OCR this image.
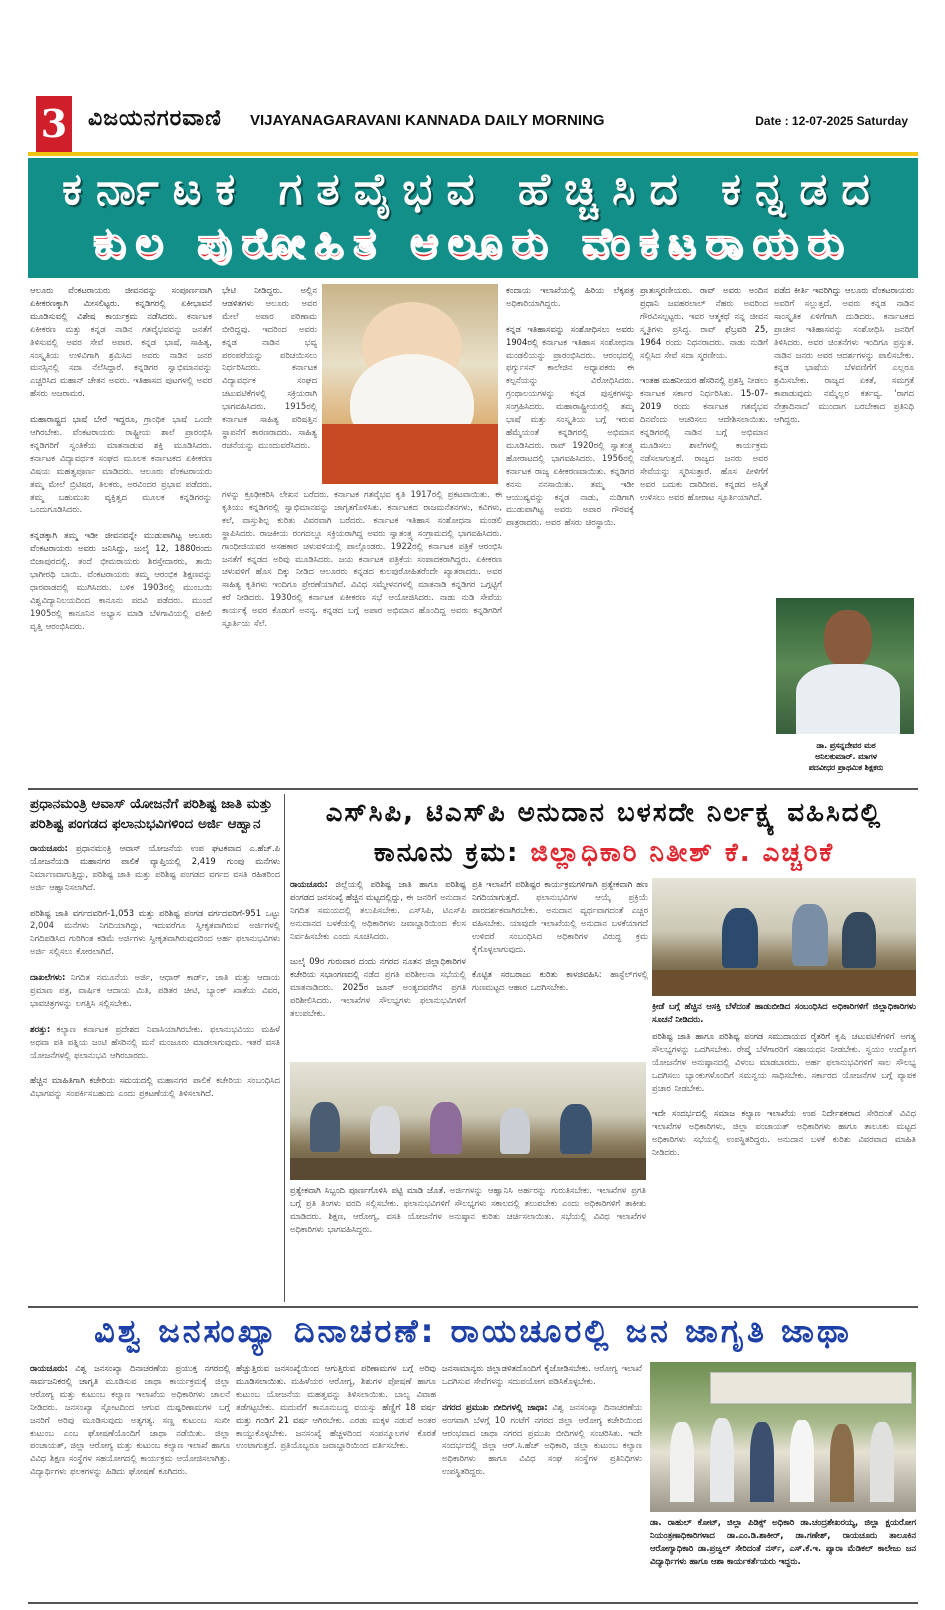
3 ವಿಜಯನಗರವಾಣಿ VIJAYANAGARAVANI KANNADA DAILY MORNING	Date : 12-07-2025 Saturday
ಕರ್ನಾಟಕ ಗತವೈಭವ ಹೆಚ್ಚಿಸಿದ ಕನ್ನಡದ
ಕುಲ ಪುರೋಹಿತ ಆಲೂರು ವೆಂಕಟರಾಯರು
ಆಲೂರು ವೆಂಕಟರಾಯರು ಜೀವನವನ್ನು ಸಂಪೂರ್ಣವಾಗಿ ಏಕೀಕರಣಕ್ಕಾಗಿ ಮೀಸಲಿಟ್ಟರು. ಕನ್ನಡಿಗರಲ್ಲಿ ಏಕೀಭಾವನೆ ಮೂಡಿಸುವಲ್ಲಿ ವಿಶೇಷ ಕಾರ್ಯಕ್ರಮ ನಡೆಸಿದರು. ಕರ್ನಾಟಕ ಏಕೀಕರಣ ಮತ್ತು ಕನ್ನಡ ನಾಡಿನ ಗತವೈಭವವನ್ನು ಜನತೆಗೆ ತಿಳಿಸುವಲ್ಲಿ ಅವರ ಸೇವೆ ಅಪಾರ. ಕನ್ನಡ ಭಾಷೆ, ಸಾಹಿತ್ಯ, ಸಂಸ್ಕೃತಿಯ ಉಳಿವಿಗಾಗಿ ಶ್ರಮಿಸಿದ ಅವರು ನಾಡಿನ ಜನರ ಮನಸ್ಸಿನಲ್ಲಿ ಸದಾ ನೆಲೆಸಿದ್ದಾರೆ. ಕನ್ನಡಿಗರ ಸ್ವಾಭಿಮಾನವನ್ನು ಎಚ್ಚರಿಸಿದ ಮಹಾನ್ ಚೇತನ ಅವರು. ಇತಿಹಾಸದ ಪುಟಗಳಲ್ಲಿ ಅವರ ಹೆಸರು ಅಜರಾಮರ.

ಮಹಾರಾಷ್ಟ್ರದ ಭಾಷೆ ಬೇರೆ ಇದ್ದರೂ, ಗ್ರಾಂಥಿಕ ಭಾಷೆ ಒಂದೇ ಆಗಿರಬೇಕು. ವೆಂಕಟರಾಯರು ರಾಷ್ಟ್ರೀಯ ಶಾಲೆ ಪ್ರಾರಂಭಿಸಿ ಕನ್ನಡಿಗರಿಗೆ ಸ್ವಂತಿಕೆಯ ಮಾತನಾಡುವ ಶಕ್ತಿ ಮೂಡಿಸಿದರು. ಕರ್ನಾಟಕ ವಿದ್ಯಾವರ್ಧಕ ಸಂಘದ ಮೂಲಕ ಕರ್ನಾಟಕದ ಏಕೀಕರಣ ವಿಷಯ ಮಹತ್ವಪೂರ್ಣ ಮಾಡಿದರು. ಆಲೂರು ವೆಂಕಟರಾಯರು ತಮ್ಮ ಮೇಲೆ ಬ್ರಿಟಿಷರ, ತಿಲಕರು, ಅರವಿಂದರ ಪ್ರಭಾವ ಪಡೆದರು. ತಮ್ಮ ಬಹುಮುಖ ವ್ಯಕ್ತಿತ್ವದ ಮೂಲಕ ಕನ್ನಡಿಗರನ್ನು ಒಂದುಗೂಡಿಸಿದರು.

ಕನ್ನಡಕ್ಕಾಗಿ ತಮ್ಮ ಇಡೀ ಜೀವನವನ್ನೇ ಮುಡುಪಾಗಿಟ್ಟ ಆಲೂರು ವೆಂಕಟರಾಯರು ಅವರು ಜನಿಸಿದ್ದು, ಜುಲೈ 12, 1880ರಂದು ಬಿಜಾಪುರದಲ್ಲಿ. ತಂದೆ ಭೀಮರಾಯರು ಶಿರಸ್ತೇದಾರರು, ತಾಯಿ ಭಾಗೀರಥಿ ಬಾಯಿ. ವೆಂಕಟರಾಯರು ತಮ್ಮ ಆರಂಭಿಕ ಶಿಕ್ಷಣವನ್ನು ಧಾರವಾಡದಲ್ಲಿ ಮುಗಿಸಿದರು. ಬಳಿಕ 1903ರಲ್ಲಿ ಮುಂಬಯಿ ವಿಶ್ವವಿದ್ಯಾನಿಲಯದಿಂದ ಕಾನೂನು ಪದವಿ ಪಡೆದರು. ಮುಂದೆ 1905ರಲ್ಲಿ ಕಾನೂನಿನ ಅಭ್ಯಾಸ ಮಾಡಿ ಬೆಳಗಾವಿಯಲ್ಲಿ ವಕೀಲಿ ವೃತ್ತಿ ಆರಂಭಿಸಿದರು.
ಭೇಟಿ ನೀಡಿದ್ದರು. ಅಲ್ಲಿನ ಆಡಳಿತಗಳು ಆಲೂರು ಅವರ ಮೇಲೆ ಅಪಾರ ಪರಿಣಾಮ ಬೀರಿದ್ದವು. ಇದರಿಂದ ಅವರು ಕನ್ನಡ ನಾಡಿನ ಭವ್ಯ ಪರಂಪರೆಯನ್ನು ಪರಿಚಯಿಸಲು ನಿರ್ಧರಿಸಿದರು. ಕರ್ನಾಟಕ ವಿದ್ಯಾವರ್ಧಕ ಸಂಘದ ಚಟುವಟಿಕೆಗಳಲ್ಲಿ ಸಕ್ರಿಯರಾಗಿ ಭಾಗವಹಿಸಿದರು. 1915ರಲ್ಲಿ ಕರ್ನಾಟಕ ಸಾಹಿತ್ಯ ಪರಿಷತ್ತಿನ ಸ್ಥಾಪನೆಗೆ ಕಾರಣರಾದರು. ಸಾಹಿತ್ಯ ರಚನೆಯನ್ನು ಮುಂದುವರೆಸಿದರು.
ಗಳನ್ನು ಕ್ರೂಢೀಕರಿಸಿ ಲೇಖನ ಬರೆದರು. ಕರ್ನಾಟಕ ಗತವೈಭವ ಕೃತಿ 1917ರಲ್ಲಿ ಪ್ರಕಟವಾಯಿತು. ಈ ಕೃತಿಯು ಕನ್ನಡಿಗರಲ್ಲಿ ಸ್ವಾಭಿಮಾನವನ್ನು ಜಾಗೃತಗೊಳಿಸಿತು. ಕರ್ನಾಟಕದ ರಾಜಮನೆತನಗಳು, ಕವಿಗಳು, ಕಲೆ, ವಾಸ್ತುಶಿಲ್ಪ ಕುರಿತು ವಿವರವಾಗಿ ಬರೆದರು. ಕರ್ನಾಟಕ ಇತಿಹಾಸ ಸಂಶೋಧನಾ ಮಂಡಲಿ ಸ್ಥಾಪಿಸಿದರು. ರಾಜಕೀಯ ರಂಗದಲ್ಲೂ ಸಕ್ರಿಯರಾಗಿದ್ದ ಅವರು ಸ್ವಾತಂತ್ರ್ಯ ಸಂಗ್ರಾಮದಲ್ಲಿ ಭಾಗವಹಿಸಿದರು. ಗಾಂಧೀಜಿಯವರ ಅಸಹಕಾರ ಚಳುವಳಿಯಲ್ಲಿ ಪಾಲ್ಗೊಂಡರು. 1922ರಲ್ಲಿ ಕರ್ನಾಟಕ ಪತ್ರಿಕೆ ಆರಂಭಿಸಿ ಜನತೆಗೆ ಕನ್ನಡದ ಅರಿವು ಮೂಡಿಸಿದರು. ಜಯ ಕರ್ನಾಟಕ ಪತ್ರಿಕೆಯ ಸಂಪಾದಕರಾಗಿದ್ದರು. ಏಕೀಕರಣ ಚಳುವಳಿಗೆ ಹೊಸ ದಿಕ್ಕು ನೀಡಿದ ಆಲೂರರು ಕನ್ನಡದ ಕುಲಪುರೋಹಿತರೆಂದೇ ಖ್ಯಾತರಾದರು. ಅವರ ಸಾಹಿತ್ಯ ಕೃತಿಗಳು ಇಂದಿಗೂ ಪ್ರೇರಣೆಯಾಗಿವೆ. ವಿವಿಧ ಸಮ್ಮೇಳನಗಳಲ್ಲಿ ಮಾತನಾಡಿ ಕನ್ನಡಿಗರ ಒಗ್ಗಟ್ಟಿಗೆ ಕರೆ ನೀಡಿದರು. 1930ರಲ್ಲಿ ಕರ್ನಾಟಕ ಏಕೀಕರಣ ಸಭೆ ಆಯೋಜಿಸಿದರು. ನಾಡು ನುಡಿ ಸೇವೆಯ ಕಾರ್ಯಕ್ಕೆ ಅವರ ಕೊಡುಗೆ ಅನನ್ಯ. ಕನ್ನಡದ ಬಗ್ಗೆ ಅಪಾರ ಅಭಿಮಾನ ಹೊಂದಿದ್ದ ಅವರು ಕನ್ನಡಿಗರಿಗೆ ಸ್ಫೂರ್ತಿಯ ಸೆಲೆ.
ಕಂದಾಯ ಇಲಾಖೆಯಲ್ಲಿ ಹಿರಿಯ ಲೆಕ್ಕಪತ್ರ ಅಧಿಕಾರಿಯಾಗಿದ್ದರು.

ಕನ್ನಡ ಇತಿಹಾಸವನ್ನು ಸಂಶೋಧಿಸಲು ಅವರು 1904ರಲ್ಲಿ ಕರ್ನಾಟಕ ಇತಿಹಾಸ ಸಂಶೋಧನಾ ಮಂಡಲಿಯನ್ನು ಪ್ರಾರಂಭಿಸಿದರು. ಆರಂಭದಲ್ಲಿ ಫರ್ಗ್ಯುಸನ್ ಕಾಲೇಜಿನ ಅಧ್ಯಾಪಕರು ಈ ಕಲ್ಪನೆಯನ್ನು ವಿರೋಧಿಸಿದರು. ಗ್ರಂಥಾಲಯಗಳನ್ನು ಕನ್ನಡ ಪುಸ್ತಕಗಳನ್ನು ಸಂಗ್ರಹಿಸಿದರು. ಮಹಾರಾಷ್ಟ್ರೀಯರಲ್ಲಿ ತಮ್ಮ ಭಾಷೆ ಮತ್ತು ಸಂಸ್ಕೃತಿಯ ಬಗ್ಗೆ ಇರುವ ಹೆಮ್ಮೆಯಂತೆ ಕನ್ನಡಿಗರಲ್ಲಿ ಅಭಿಮಾನ ಮೂಡಿಸಿದರು. ರಾವ್ 1920ರಲ್ಲಿ ಸ್ವಾತಂತ್ರ್ಯ ಹೋರಾಟದಲ್ಲಿ ಭಾಗವಹಿಸಿದರು. 1956ರಲ್ಲಿ ಕರ್ನಾಟಕ ರಾಜ್ಯ ಏಕೀಕರಣವಾಯಿತು. ಕನ್ನಡಿಗರ ಕನಸು ನನಸಾಯಿತು. ತಮ್ಮ ಇಡೀ ಆಯುಷ್ಯವನ್ನು ಕನ್ನಡ ನಾಡು, ನುಡಿಗಾಗಿ ಮುಡುಪಾಗಿಟ್ಟ ಅವರು ಅಪಾರ ಗೌರವಕ್ಕೆ ಪಾತ್ರರಾದರು. ಅವರ ಹೆಸರು ಚಿರಸ್ಥಾಯಿ.
ಪ್ರಾತಃಸ್ಮರಣೀಯರು. ರಾವ್ ಅವರು ಅಂದಿನ ಪ್ರಧಾನಿ ಜವಹರಲಾಲ್ ನೆಹರು ಅವರಿಂದ ಗೌರವಿಸಲ್ಪಟ್ಟರು. ಇವರ ಆತ್ಮಕಥೆ ನನ್ನ ಜೀವನ ಸ್ಮೃತಿಗಳು ಪ್ರಸಿದ್ಧ. ರಾವ್ ಫೆಬ್ರವರಿ 25, 1964 ರಂದು ನಿಧನರಾದರು. ನಾಡು ನುಡಿಗೆ ಸಲ್ಲಿಸಿದ ಸೇವೆ ಸದಾ ಸ್ಮರಣೀಯ.

ಇಂತಹ ಮಹನೀಯರ ಹೆಸರಿನಲ್ಲಿ ಪ್ರಶಸ್ತಿ ನೀಡಲು ಕರ್ನಾಟಕ ಸರ್ಕಾರ ನಿರ್ಧರಿಸಿತು. 15-07-2019 ರಂದು ಕರ್ನಾಟಕ ಗತವೈಭವ ದಿನವೆಂದು ಆಚರಿಸಲು ಆದೇಶಿಸಲಾಯಿತು. ಕನ್ನಡಿಗರಲ್ಲಿ ನಾಡಿನ ಬಗ್ಗೆ ಅಭಿಮಾನ ಮೂಡಿಸಲು ಶಾಲೆಗಳಲ್ಲಿ ಕಾರ್ಯಕ್ರಮ ನಡೆಸಲಾಗುತ್ತದೆ. ರಾಜ್ಯದ ಜನರು ಅವರ ಸೇವೆಯನ್ನು ಸ್ಮರಿಸುತ್ತಾರೆ. ಹೊಸ ಪೀಳಿಗೆಗೆ ಅವರ ಬದುಕು ದಾರಿದೀಪ. ಕನ್ನಡದ ಅಸ್ಮಿತೆ ಉಳಿಸಲು ಅವರ ಹೋರಾಟ ಸ್ಫೂರ್ತಿಯಾಗಿದೆ.
ಪಡೆದ ಕೀರ್ತಿ ಇವರಿಗಿದ್ದು ಆಲೂರು ವೆಂಕಟರಾಯರು ಅವರಿಗೆ ಸಲ್ಲುತ್ತದೆ. ಅವರು ಕನ್ನಡ ನಾಡಿನ ಸಾಂಸ್ಕೃತಿಕ ಏಳಿಗೆಗಾಗಿ ದುಡಿದರು. ಕರ್ನಾಟಕದ ಪ್ರಾಚೀನ ಇತಿಹಾಸವನ್ನು ಸಂಶೋಧಿಸಿ ಜನರಿಗೆ ತಿಳಿಸಿದರು. ಅವರ ಚಿಂತನೆಗಳು ಇಂದಿಗೂ ಪ್ರಸ್ತುತ. ನಾಡಿನ ಜನರು ಅವರ ಆದರ್ಶಗಳನ್ನು ಪಾಲಿಸಬೇಕು. ಕನ್ನಡ ಭಾಷೆಯ ಬೆಳವಣಿಗೆಗೆ ಎಲ್ಲರೂ ಶ್ರಮಿಸಬೇಕು. ರಾಜ್ಯದ ಏಕತೆ, ಸಮಗ್ರತೆ ಕಾಪಾಡುವುದು ನಮ್ಮೆಲ್ಲರ ಕರ್ತವ್ಯ. 'ರಾಗದ ನೇತ್ರಾದಿನಾದ' ಮುಂದಾಗ ಬರಬೇಕಾದ ಪ್ರತಿನಿಧಿ ಆಗಿದ್ದರು.
ಡಾ. ಪ್ರಸನ್ನದೇವರ ಮಠ
ಅನಿಲಕುಮಾರ್. ಮಾಗಳ
ಪದವೀಧರ ಪ್ರಾಥಮಿಕ ಶಿಕ್ಷಕರು
ಪ್ರಧಾನಮಂತ್ರಿ ಆವಾಸ್ ಯೋಜನೆಗೆ ಪರಿಶಿಷ್ಟ ಜಾತಿ ಮತ್ತು ಪರಿಶಿಷ್ಟ ಪಂಗಡದ ಫಲಾನುಭವಿಗಳಿಂದ ಅರ್ಜಿ ಆಹ್ವಾನ
ರಾಯಚೂರು: ಪ್ರಧಾನಮಂತ್ರಿ ಆವಾಸ್ ಯೋಜನೆಯ ಉಪ ಘಟಕವಾದ ಎ.ಹೆಚ್.ಪಿ ಯೋಜನೆಯಡಿ ಮಹಾನಗರ ಪಾಲಿಕೆ ವ್ಯಾಪ್ತಿಯಲ್ಲಿ 2,419 ಗುಂಪು ಮನೆಗಳು ನಿರ್ಮಾಣವಾಗುತ್ತಿದ್ದು, ಪರಿಶಿಷ್ಟ ಜಾತಿ ಮತ್ತು ಪರಿಶಿಷ್ಟ ಪಂಗಡದ ವರ್ಗದ ವಸತಿ ರಹಿತರಿಂದ ಅರ್ಜಿ ಆಹ್ವಾನಿಸಲಾಗಿದೆ.

ಪರಿಶಿಷ್ಟ ಜಾತಿ ವರ್ಗದವರಿಗೆ-1,053 ಮತ್ತು ಪರಿಶಿಷ್ಟ ಪಂಗಡ ವರ್ಗದವರಿಗೆ-951 ಒಟ್ಟು 2,004 ಮನೆಗಳು ನಿಗದಿಯಾಗಿದ್ದು, ಇದುವರೆಗೂ ಸ್ವೀಕೃತವಾಗಿರುವ ಅರ್ಜಿಗಳಲ್ಲಿ ನಿಗದಿಪಡಿಸಿದ ಗುರಿಗಿಂತ ಕಡಿಮೆ ಅರ್ಜಿಗಳು ಸ್ವೀಕೃತವಾಗಿರುವುದರಿಂದ ಅರ್ಹ ಫಲಾನುಭವಿಗಳು ಅರ್ಜಿ ಸಲ್ಲಿಸಲು ಕೋರಲಾಗಿದೆ.

ದಾಖಲೆಗಳು: ನಿಗದಿತ ನಮೂನೆಯ ಅರ್ಜಿ, ಆಧಾರ್ ಕಾರ್ಡ್, ಜಾತಿ ಮತ್ತು ಆದಾಯ ಪ್ರಮಾಣ ಪತ್ರ, ವಾರ್ಷಿಕ ಆದಾಯ ಮಿತಿ, ಪಡಿತರ ಚೀಟಿ, ಬ್ಯಾಂಕ್ ಖಾತೆಯ ವಿವರ, ಭಾವಚಿತ್ರಗಳನ್ನು ಲಗತ್ತಿಸಿ ಸಲ್ಲಿಸಬೇಕು.

ಶರತ್ತು: ಕಲ್ಯಾಣ ಕರ್ನಾಟಕ ಪ್ರದೇಶದ ನಿವಾಸಿಯಾಗಿರಬೇಕು. ಫಲಾನುಭವಿಯು ಮಹಿಳೆ ಅಥವಾ ಪತಿ ಪತ್ನಿಯ ಜಂಟಿ ಹೆಸರಿನಲ್ಲಿ ಮನೆ ಮಂಜೂರು ಮಾಡಲಾಗುವುದು. ಇತರೆ ವಸತಿ ಯೋಜನೆಗಳಲ್ಲಿ ಫಲಾನುಭವಿ ಆಗಿರಬಾರದು.

ಹೆಚ್ಚಿನ ಮಾಹಿತಿಗಾಗಿ ಕಚೇರಿಯ ಸಮಯದಲ್ಲಿ ಮಹಾನಗರ ಪಾಲಿಕೆ ಕಚೇರಿಯ ಸಂಬಂಧಿಸಿದ ವಿಭಾಗವನ್ನು ಸಂಪರ್ಕಿಸಬಹುದು ಎಂದು ಪ್ರಕಟಣೆಯಲ್ಲಿ ತಿಳಿಸಲಾಗಿದೆ.
ಎಸ್‌ಸಿಪಿ, ಟಿಎಸ್‌ಪಿ ಅನುದಾನ ಬಳಸದೇ ನಿರ್ಲಕ್ಷ್ಯ ವಹಿಸಿದಲ್ಲಿ
ಕಾನೂನು ಕ್ರಮ: ಜಿಲ್ಲಾಧಿಕಾರಿ ನಿತೀಶ್ ಕೆ. ಎಚ್ಚರಿಕೆ
ರಾಯಚೂರು: ಜಿಲ್ಲೆಯಲ್ಲಿ ಪರಿಶಿಷ್ಟ ಜಾತಿ ಹಾಗೂ ಪರಿಶಿಷ್ಟ ಪಂಗಡದ ಜನಸಂಖ್ಯೆ ಹೆಚ್ಚಿನ ಮಟ್ಟದಲ್ಲಿದ್ದು, ಈ ಜನರಿಗೆ ಅನುದಾನ ನಿಗದಿತ ಸಮಯದಲ್ಲಿ ತಲುಪಿಸಬೇಕು. ಎಸ್‌ಸಿಪಿ, ಟಿಎಸ್‌ಪಿ ಅನುದಾನದ ಬಳಕೆಯಲ್ಲಿ ಅಧಿಕಾರಿಗಳು ಜವಾಬ್ದಾರಿಯಿಂದ ಕೆಲಸ ನಿರ್ವಹಿಸಬೇಕು ಎಂದು ಸೂಚಿಸಿದರು.

ಜುಲೈ 09ರ ಗುರುವಾರ ದಂದು ನಗರದ ನೂತನ ಜಿಲ್ಲಾಧಿಕಾರಿಗಳ ಕಚೇರಿಯ ಸಭಾಂಗಣದಲ್ಲಿ ನಡೆದ ಪ್ರಗತಿ ಪರಿಶೀಲನಾ ಸಭೆಯಲ್ಲಿ ಮಾತನಾಡಿದರು. 2025ರ ಜೂನ್ ಅಂತ್ಯದವರೆಗಿನ ಪ್ರಗತಿ ಪರಿಶೀಲಿಸಿದರು. ಇಲಾಖೆಗಳ ಸೌಲಭ್ಯಗಳು ಫಲಾನುಭವಿಗಳಿಗೆ ತಲುಪಬೇಕು.
ಪ್ರತಿ ಇಲಾಖೆಗೆ ಪರಿಶಿಷ್ಟರ ಕಾರ್ಯಕ್ರಮಗಳಿಗಾಗಿ ಪ್ರತ್ಯೇಕವಾಗಿ ಹಣ ನಿಗದಿಯಾಗುತ್ತದೆ. ಫಲಾನುಭವಿಗಳ ಆಯ್ಕೆ ಪ್ರಕ್ರಿಯೆ ಪಾರದರ್ಶಕವಾಗಿರಬೇಕು. ಅನುದಾನ ವ್ಯರ್ಥವಾಗದಂತೆ ಎಚ್ಚರ ವಹಿಸಬೇಕು. ಯಾವುದೇ ಇಲಾಖೆಯಲ್ಲಿ ಅನುದಾನ ಬಳಕೆಯಾಗದೆ ಉಳಿದರೆ ಸಂಬಂಧಿಸಿದ ಅಧಿಕಾರಿಗಳ ವಿರುದ್ಧ ಕ್ರಮ ಕೈಗೊಳ್ಳಲಾಗುವುದು.

ಕೊಟ್ಟಿತ ಸರಬರಾಜು ಕುರಿತು ಕಾಳಜಿವಹಿಸಿ: ಹಾಸ್ಟೆಲ್‌ಗಳಲ್ಲಿ ಗುಣಮಟ್ಟದ ಆಹಾರ ಒದಗಿಸಬೇಕು.
ಕ್ರೀಡೆ ಬಗ್ಗೆ ಹೆಚ್ಚಿನ ಆಸಕ್ತಿ ಬೆಳೆದಂತೆ ಹಾಡುಬೀಡಿದ ಸಂಬಂಧಿಸಿದ ಅಧಿಕಾರಿಗಳಿಗೆ ಜಿಲ್ಲಾಧಿಕಾರಿಗಳು ಸೂಚನೆ ನೀಡಿದರು.
ಪ್ರತ್ಯೇಕವಾಗಿ ಸಿಬ್ಬಂದಿ ಪೂರ್ಣಗೊಳಿಸಿ ಪಟ್ಟಿ ಮಾಡಿ ಜೊತೆ. ಅರ್ಜಿಗಳನ್ನು ಆಹ್ವಾನಿಸಿ ಅರ್ಹರನ್ನು ಗುರುತಿಸಬೇಕು. ಇಲಾಖೆಗಳ ಪ್ರಗತಿ ಬಗ್ಗೆ ಪ್ರತಿ ತಿಂಗಳು ವರದಿ ಸಲ್ಲಿಸಬೇಕು. ಫಲಾನುಭವಿಗಳಿಗೆ ಸೌಲಭ್ಯಗಳು ಸಕಾಲದಲ್ಲಿ ತಲುಪಬೇಕು ಎಂದು ಅಧಿಕಾರಿಗಳಿಗೆ ತಾಕೀತು ಮಾಡಿದರು. ಶಿಕ್ಷಣ, ಆರೋಗ್ಯ, ವಸತಿ ಯೋಜನೆಗಳ ಅನುಷ್ಠಾನ ಕುರಿತು ಚರ್ಚಿಸಲಾಯಿತು. ಸಭೆಯಲ್ಲಿ ವಿವಿಧ ಇಲಾಖೆಗಳ ಅಧಿಕಾರಿಗಳು ಭಾಗವಹಿಸಿದ್ದರು.
ಪರಿಶಿಷ್ಟ ಜಾತಿ ಹಾಗೂ ಪರಿಶಿಷ್ಟ ಪಂಗಡ ಸಮುದಾಯದ ರೈತರಿಗೆ ಕೃಷಿ ಚಟುವಟಿಕೆಗಳಿಗೆ ಅಗತ್ಯ ಸೌಲಭ್ಯಗಳನ್ನು ಒದಗಿಸಬೇಕು. ರೇಷ್ಮೆ ಬೆಳೆಗಾರರಿಗೆ ಸಹಾಯಧನ ನೀಡಬೇಕು. ಸ್ವಯಂ ಉದ್ಯೋಗ ಯೋಜನೆಗಳ ಅನುಷ್ಠಾನದಲ್ಲಿ ವಿಳಂಬ ಮಾಡಬಾರದು. ಅರ್ಹ ಫಲಾನುಭವಿಗಳಿಗೆ ಸಾಲ ಸೌಲಭ್ಯ ಒದಗಿಸಲು ಬ್ಯಾಂಕುಗಳೊಂದಿಗೆ ಸಮನ್ವಯ ಸಾಧಿಸಬೇಕು. ಸರ್ಕಾರದ ಯೋಜನೆಗಳ ಬಗ್ಗೆ ವ್ಯಾಪಕ ಪ್ರಚಾರ ನೀಡಬೇಕು.

ಇದೇ ಸಂದರ್ಭದಲ್ಲಿ ಸಮಾಜ ಕಲ್ಯಾಣ ಇಲಾಖೆಯ ಉಪ ನಿರ್ದೇಶಕರಾದ ಸೇರಿದಂತೆ ವಿವಿಧ ಇಲಾಖೆಗಳ ಅಧಿಕಾರಿಗಳು, ಜಿಲ್ಲಾ ಪಂಚಾಯತ್ ಅಧಿಕಾರಿಗಳು ಹಾಗೂ ತಾಲೂಕು ಮಟ್ಟದ ಅಧಿಕಾರಿಗಳು ಸಭೆಯಲ್ಲಿ ಉಪಸ್ಥಿತರಿದ್ದರು. ಅನುದಾನ ಬಳಕೆ ಕುರಿತು ವಿವರವಾದ ಮಾಹಿತಿ ನೀಡಿದರು.
ವಿಶ್ವ ಜನಸಂಖ್ಯಾ ದಿನಾಚರಣೆ: ರಾಯಚೂರಲ್ಲಿ ಜನ ಜಾಗೃತಿ ಜಾಥಾ
ರಾಯಚೂರು: ವಿಶ್ವ ಜನಸಂಖ್ಯಾ ದಿನಾಚರಣೆಯ ಪ್ರಯುಕ್ತ ನಗರದಲ್ಲಿ ಸಾರ್ವಜನಿಕರಲ್ಲಿ ಜಾಗೃತಿ ಮೂಡಿಸುವ ಜಾಥಾ ಕಾರ್ಯಕ್ರಮಕ್ಕೆ ಜಿಲ್ಲಾ ಆರೋಗ್ಯ ಮತ್ತು ಕುಟುಂಬ ಕಲ್ಯಾಣ ಇಲಾಖೆಯ ಅಧಿಕಾರಿಗಳು ಚಾಲನೆ ನೀಡಿದರು. ಜನಸಂಖ್ಯಾ ಸ್ಫೋಟದಿಂದ ಆಗುವ ದುಷ್ಪರಿಣಾಮಗಳ ಬಗ್ಗೆ ಜನರಿಗೆ ಅರಿವು ಮೂಡಿಸುವುದು ಅತ್ಯಗತ್ಯ. ಸಣ್ಣ ಕುಟುಂಬ ಸುಖೀ ಕುಟುಂಬ ಎಂಬ ಘೋಷಣೆಯೊಂದಿಗೆ ಜಾಥಾ ನಡೆಯಿತು. ಜಿಲ್ಲಾ ಪಂಚಾಯತ್, ಜಿಲ್ಲಾ ಆರೋಗ್ಯ ಮತ್ತು ಕುಟುಂಬ ಕಲ್ಯಾಣ ಇಲಾಖೆ ಹಾಗೂ ವಿವಿಧ ಶಿಕ್ಷಣ ಸಂಸ್ಥೆಗಳ ಸಹಯೋಗದಲ್ಲಿ ಕಾರ್ಯಕ್ರಮ ಆಯೋಜಿಸಲಾಗಿತ್ತು. ವಿದ್ಯಾರ್ಥಿಗಳು ಫಲಕಗಳನ್ನು ಹಿಡಿದು ಘೋಷಣೆ ಕೂಗಿದರು.
ಹೆಚ್ಚುತ್ತಿರುವ ಜನಸಂಖ್ಯೆಯಿಂದ ಆಗುತ್ತಿರುವ ಪರಿಣಾಮಗಳ ಬಗ್ಗೆ ಅರಿವು ಮೂಡಿಸಲಾಯಿತು. ಮಹಿಳೆಯರ ಆರೋಗ್ಯ, ಶಿಶುಗಳ ಪೋಷಣೆ ಹಾಗೂ ಕುಟುಂಬ ಯೋಜನೆಯ ಮಹತ್ವವನ್ನು ತಿಳಿಸಲಾಯಿತು. ಬಾಲ್ಯ ವಿವಾಹ ತಡೆಗಟ್ಟಬೇಕು. ಮದುವೆಗೆ ಕಾನೂನುಬದ್ಧ ವಯಸ್ಸು ಹೆಣ್ಣಿಗೆ 18 ವರ್ಷ ಮತ್ತು ಗಂಡಿಗೆ 21 ವರ್ಷ ಆಗಿರಬೇಕು. ಎರಡು ಮಕ್ಕಳ ನಡುವೆ ಅಂತರ ಕಾಯ್ದುಕೊಳ್ಳಬೇಕು. ಜನಸಂಖ್ಯೆ ಹೆಚ್ಚಳದಿಂದ ಸಂಪನ್ಮೂಲಗಳ ಕೊರತೆ ಉಂಟಾಗುತ್ತದೆ. ಪ್ರತಿಯೊಬ್ಬರೂ ಜವಾಬ್ದಾರಿಯಿಂದ ವರ್ತಿಸಬೇಕು.
ಜನಸಾಮಾನ್ಯರು ಜಿಲ್ಲಾಡಳಿತದೊಂದಿಗೆ ಕೈಜೋಡಿಸಬೇಕು. ಆರೋಗ್ಯ ಇಲಾಖೆ ಒದಗಿಸುವ ಸೇವೆಗಳನ್ನು ಸದುಪಯೋಗ ಪಡಿಸಿಕೊಳ್ಳಬೇಕು.

ನಗರದ ಪ್ರಮುಖ ಬೀದಿಗಳಲ್ಲಿ ಜಾಥಾ: ವಿಶ್ವ ಜನಸಂಖ್ಯಾ ದಿನಾಚರಣೆಯ ಅಂಗವಾಗಿ ಬೆಳಗ್ಗೆ 10 ಗಂಟೆಗೆ ನಗರದ ಜಿಲ್ಲಾ ಆರೋಗ್ಯ ಕಚೇರಿಯಿಂದ ಆರಂಭವಾದ ಜಾಥಾ ನಗರದ ಪ್ರಮುಖ ಬೀದಿಗಳಲ್ಲಿ ಸಂಚರಿಸಿತು. ಇದೇ ಸಂದರ್ಭದಲ್ಲಿ ಜಿಲ್ಲಾ ಆರ್.ಸಿ.ಹೆಚ್ ಅಧಿಕಾರಿ, ಜಿಲ್ಲಾ ಕುಟುಂಬ ಕಲ್ಯಾಣ ಅಧಿಕಾರಿಗಳು ಹಾಗೂ ವಿವಿಧ ಸಂಘ ಸಂಸ್ಥೆಗಳ ಪ್ರತಿನಿಧಿಗಳು ಉಪಸ್ಥಿತರಿದ್ದರು.
ಡಾ. ರಾಹುಲ್ ಕೋಟ್, ಜಿಲ್ಲಾ ಪಿಡಿಕ್ಸ್ ಅಧಿಕಾರಿ ಡಾ.ಚಂದ್ರಶೇಖರಯ್ಯ, ಜಿಲ್ಲಾ ಕ್ಷಯರೋಗ ನಿಯಂತ್ರಣಾಧಿಕಾರಿಗಳಾದ ಡಾ.ಎಂ.ಡಿ.ಶಾಕೀರ್, ಡಾ.ಗಣೇಶ್, ರಾಯಚೂರು ತಾಲೂಕಿನ ಆರೋಗ್ಯಾಧಿಕಾರಿ ಡಾ.ಪ್ರಜ್ವಲ್ ಸೇರಿದಂತೆ ನರ್ಸ್, ಎಸ್.ಕೆ.ಇ. ಪ್ಯಾರಾ ಮೆಡಿಕಲ್ ಕಾಲೇಜು ಜನ ವಿದ್ಯಾರ್ಥಿಗಳು ಹಾಗೂ ಆಶಾ ಕಾರ್ಯಕರ್ತೆಯರು ಇದ್ದರು.
